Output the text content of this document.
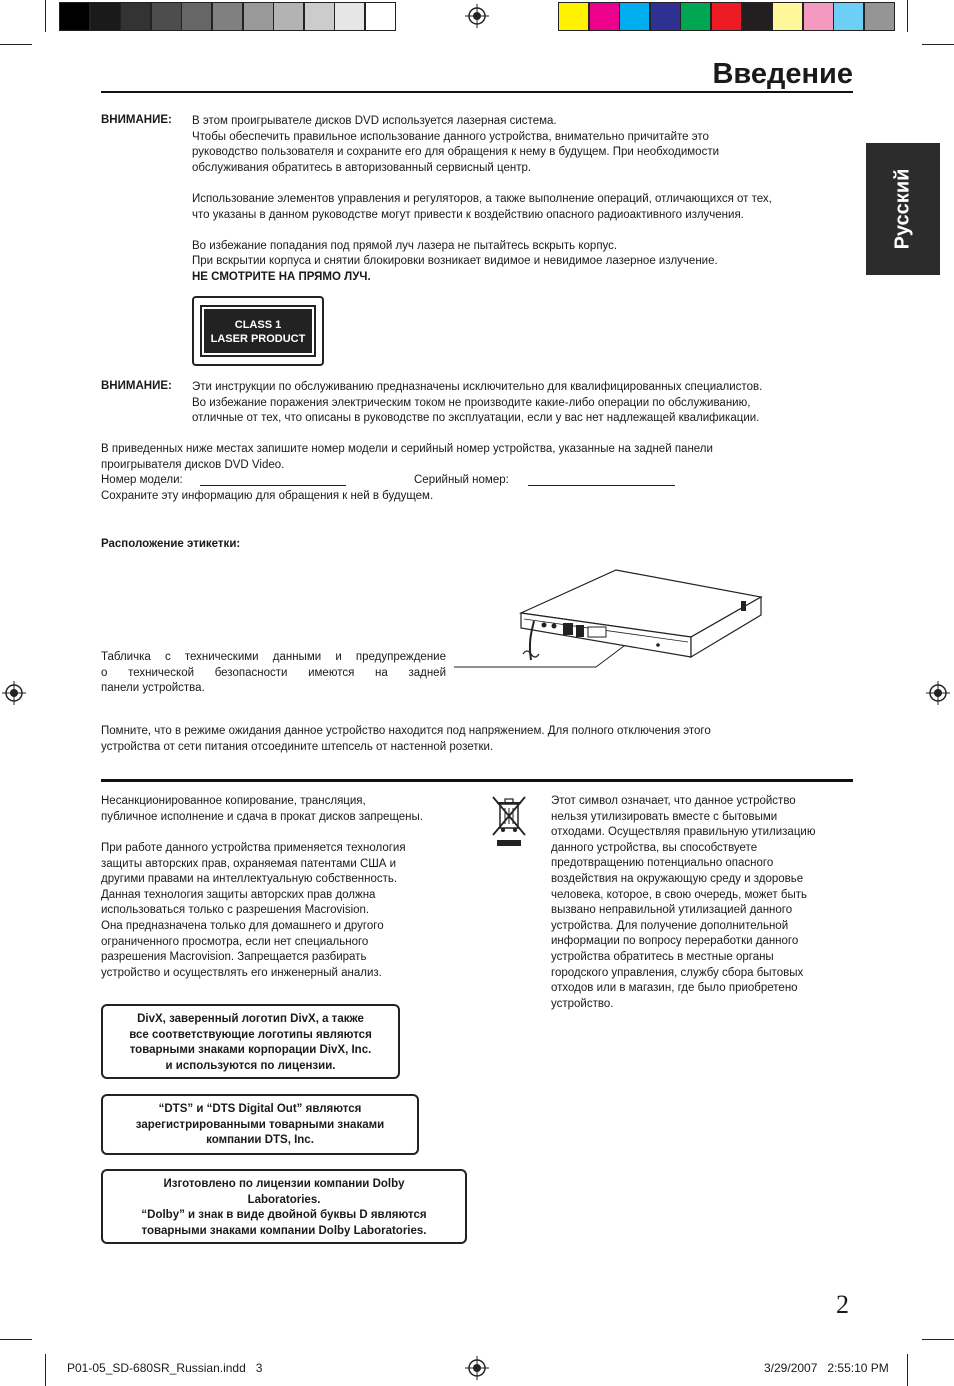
Введение
Русский
ВНИМАНИЕ: В этом проигрывателе дисков DVD используется лазерная система.
Чтобы обеспечить правильное использование данного устройства, внимательно причитайте это
руководство пользователя и сохраните его для обращения к нему в будущем. При необходимости
обслуживания обратитесь в авторизованный сервисный центр.

Использование элементов управления и регуляторов, а также выполнение операций, отличающихся от тех,
что указаны в данном руководстве могут привести к воздействию опасного радиоактивного излучения.

Во избежание попадания под прямой луч лазера не пытайтесь вскрыть корпус.
При вскрытии корпуса и снятии блокировки возникает видимое и невидимое лазерное излучение.
НЕ СМОТРИТЕ НА ПРЯМО ЛУЧ.
CLASS 1
LASER PRODUCT
ВНИМАНИЕ: Эти инструкции по обслуживанию предназначены исключительно для квалифицированных специалистов.
Во избежание поражения электрическим током не производите какие-либо операции по обслуживанию,
отличные от тех, что описаны в руководстве по эксплуатации, если у вас нет надлежащей квалификации.
В приведенных ниже местах запишите номер модели и серийный номер устройства, указанные на задней панели
проигрывателя дисков DVD Video.
Номер модели:	Серийный номер:
Сохраните эту информацию для обращения к ней в будущем.
Расположение этикетки:
Табличка с техническими данными и предупреждение
о технической безопасности имеются на задней
панели устройства.
Помните, что в режиме ожидания данное устройство находится под напряжением. Для полного отключения этого
устройства от сети питания отсоедините штепсель от настенной розетки.
Несанкционированное копирование, трансляция,
публичное исполнение и сдача в прокат дисков запрещены.
При работе данного устройства применяется технология
защиты авторских прав, охраняемая патентами США и
другими правами на интеллектуальную собственность.
Данная технология защиты авторских прав должна
использоваться только с разрешения Macrovision.
Она предназначена только для домашнего и другого
ограниченного просмотра, если нет специального
разрешения Macrovision. Запрещается разбирать
устройство и осуществлять его инженерный анализ.
DivX, заверенный логотип DivX, а также
все соответствующие логотипы являются
товарными знаками корпорации DivX, Inc.
и используются по лицензии.
“DTS” и “DTS Digital Out” являются
зарегистрированными товарными знаками
компании DTS, Inc.
Изготовлено по лицензии компании Dolby
Laboratories.
“Dolby” и знак в виде двойной буквы D являются
товарными знаками компании Dolby Laboratories.
Этот символ означает, что данное устройство
нельзя утилизировать вместе с бытовыми
отходами. Осуществляя правильную утилизацию
данного устройства, вы способствуете
предотвращению потенциально опасного
воздействия на окружающую среду и здоровье
человека, которое, в свою очередь, может быть
вызвано неправильной утилизацией данного
устройства. Для получение дополнительной
информации по вопросу переработки данного
устройства обратитесь в местные органы
городского управления, службу сбора бытовых
отходов или в магазин, где было приобретено
устройство.
2
P01-05_SD-680SR_Russian.indd   3	3/29/2007   2:55:10 PM
